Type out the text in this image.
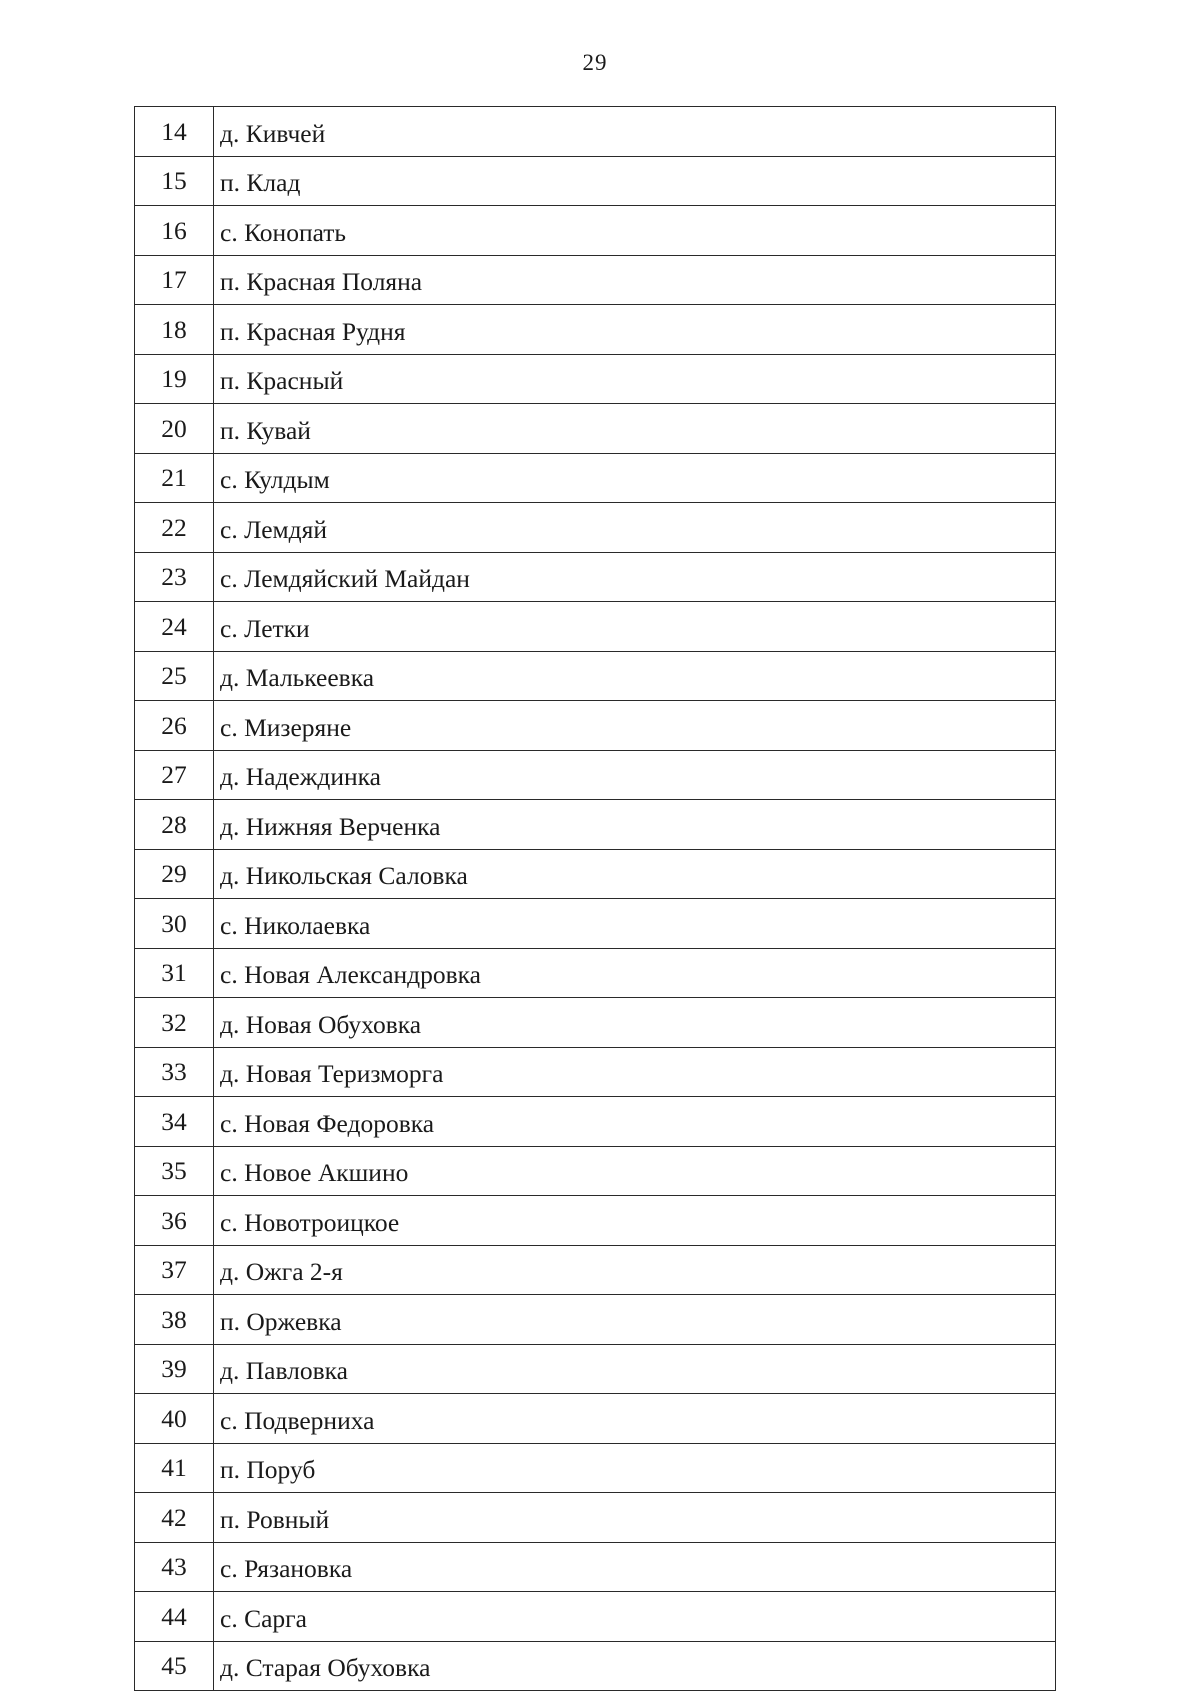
29
14	д. Кивчей
15	п. Клад
16	с. Конопать
17	п. Красная Поляна
18	п. Красная Рудня
19	п. Красный
20	п. Кувай
21	с. Кулдым
22	с. Лемдяй
23	с. Лемдяйский Майдан
24	с. Летки
25	д. Малькеевка
26	с. Мизеряне
27	д. Надеждинка
28	д. Нижняя Верченка
29	д. Никольская Саловка
30	с. Николаевка
31	с. Новая Александровка
32	д. Новая Обуховка
33	д. Новая Теризморга
34	с. Новая Федоровка
35	с. Новое Акшино
36	с. Новотроицкое
37	д. Ожга 2-я
38	п. Оржевка
39	д. Павловка
40	с. Подверниха
41	п. Поруб
42	п. Ровный
43	с. Рязановка
44	с. Сарга
45	д. Старая Обуховка
